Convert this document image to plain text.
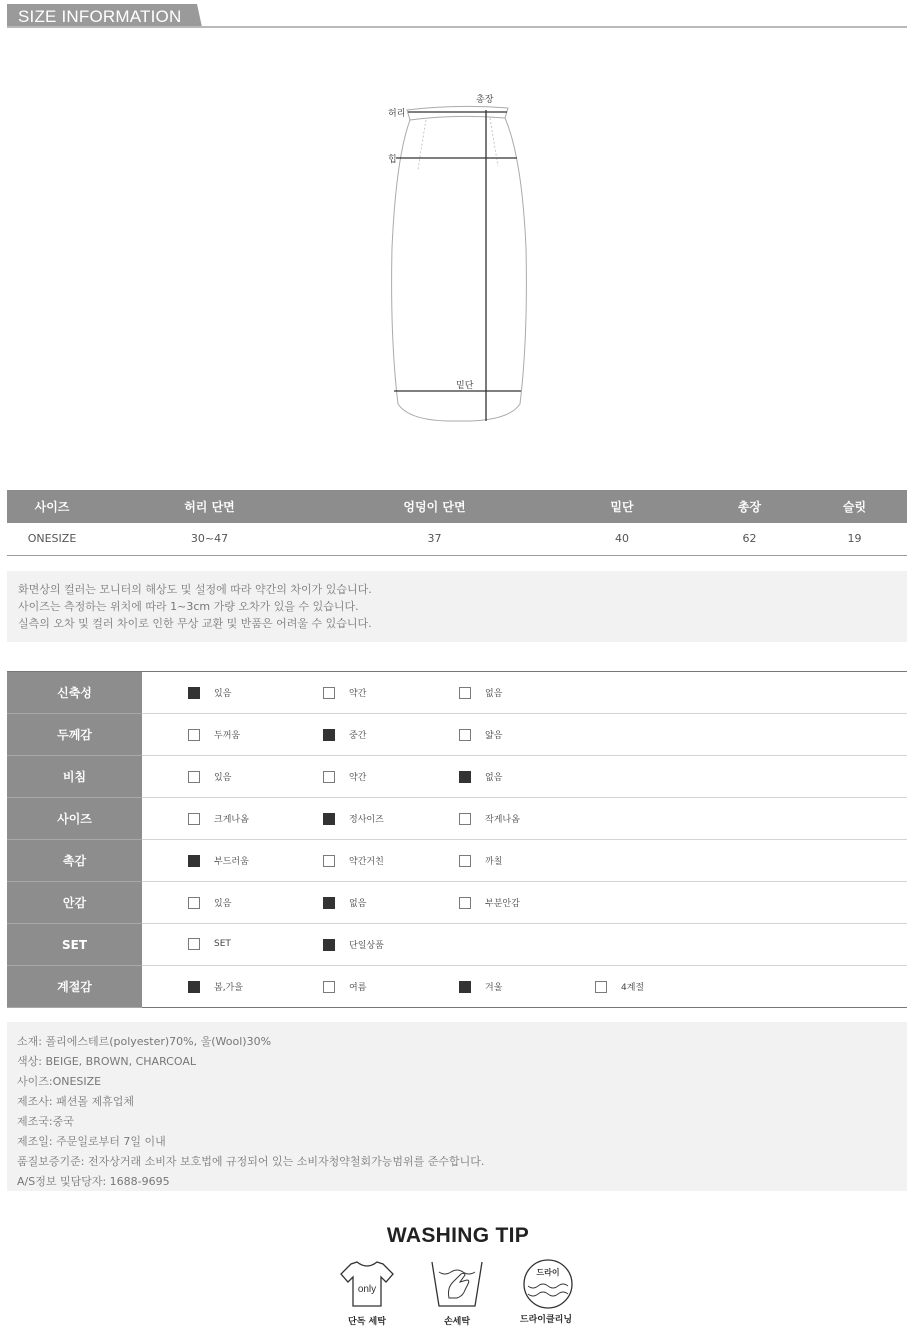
SIZE INFORMATION
허리
총장
힙
밑단
사이즈	허리 단면	엉덩이 단면	밑단	총장	슬릿
ONESIZE	30~47	37	40	62	19

화면상의 컬러는 모니터의 해상도 및 설정에 따라 약간의 차이가 있습니다.

사이즈는 측정하는 위치에 따라 1~3cm 가량 오차가 있을 수 있습니다.

실측의 오차 및 컬러 차이로 인한 무상 교환 및 반품은 어려울 수 있습니다.

신축성	있음	약간	없음
두께감	두꺼움	중간	얇음
비침	있음	약간	없음
사이즈	크게나옴	정사이즈	작게나옴
촉감	부드러움	약간거친	까칠
안감	있음	없음	부분안감
SET	SET	단일상품
계절감	봄,가을	여름	겨울	4계절

소재: 폴리에스테르(polyester)70%, 울(Wool)30%

색상: BEIGE, BROWN, CHARCOAL

사이즈:ONESIZE

제조사: 패션몰 제휴업체

제조국:중국

제조일: 주문일로부터 7일 이내

품질보증기준: 전자상거래 소비자 보호법에 규정되어 있는 소비자청약철회가능범위를 준수합니다.

A/S정보 및담당자: 1688-9695

WASHING TIP
only
드라이
단독 세탁	손세탁	드라이클리닝
